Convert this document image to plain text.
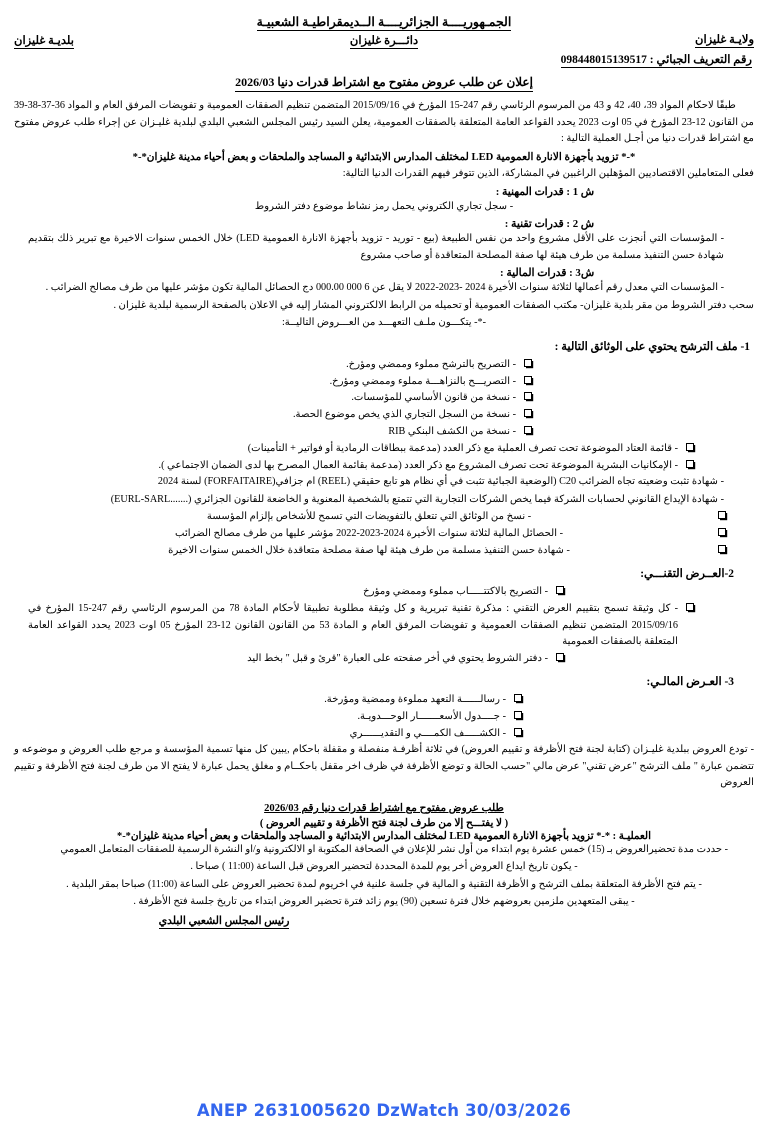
الجمـهوريــــة الجزائريــــة الــديمقراطيـة الشعبيـة
ولايـة غليزان
دائـــرة غليزان
بلديـة غليزان
رقم التعريف الجبائي : 098448015139517
إعلان عن طلب عروض مفتوح مع اشتراط قدرات دنيا 2026/03

طبقًا لاحكام المواد 39، 40، 42 و 43 من المرسوم الرئاسي رقم 247-15 المؤرخ في 2015/09/16 المتضمن تنظيم الصفقات العمومية و تفويضات المرفق العام و المواد 36-37-38-39 من القانون 12-23 المؤرخ في 05 اوت 2023 يحدد القواعد العامة المتعلقة بالصفقات العمومية، يعلن السيد رئيس المجلس الشعبي البلدي لبلدية غليـزان عن إجراء طلب عروض مفتوح مع اشتراط قدرات دنيا من أجـل العملية التالية :

*-* تزويد بأجهزة الانارة العمومية LED لمختلف المدارس الابتدائية و المساجد والملحقات و بعض أحياء مدينة غليزان*-*

فعلى المتعاملين الاقتصاديين المؤهلين الراغبين في المشاركة، الذين تتوفر فيهم القدرات الدنيا التالية:

ش 1 : قدرات المهنية :

- سجل تجاري الكتروني يحمل رمز نشاط موضوع دفتر الشروط

ش 2 : قدرات تقنية :

- المؤسسات التي أنجزت على الأقل مشروع واحد من نفس الطبيعة (بيع - توريد - تزويد بأجهزة الانارة العمومية LED) خلال الخمس سنوات الاخيرة مع تبرير ذلك بتقديم شهادة حسن التنفيذ مسلمة من طرف هيئة لها صفة المصلحة المتعاقدة أو صاحب مشروع

ش3 : قدرات المالية :

- المؤسسات التي معدل رقم أعمالها لثلاثة سنوات الأخيرة 2024 -2023-2022 لا يقل عن 6 000 000.00 دج الحصائل المالية تكون مؤشر عليها من طرف مصالح الضرائب .

سحب دفتر الشروط من مقر بلدية غليزان- مكتب الصفقات العمومية أو تحميله من الرابط الالكتروني المشار إليه في الاعلان بالصفحة الرسمية لبلدية غليزان .

-*- يتكـــون ملـف التعهـــد من العـــروض التاليــة:

1- ملف الترشح يحتوي على الوثائق التالية :
- التصريح بالترشح مملوء وممضي ومؤرخ.
- التصريـــح بالنزاهـــة مملوء وممضي ومؤرخ.
- نسخة من قانون الأساسي للمؤسسات.
- نسخة من السجل التجاري الذي يخص موضوع الحصة.
- نسخة من الكشف البنكي RIB
- قائمة العتاد الموضوعة تحت تصرف العملية مع ذكر العدد (مدعمة ببطاقات الرمادية أو فواتير + التأمينات)
- الإمكانيات البشرية الموضوعة تحت تصرف المشروع مع ذكر العدد (مدعمة بقائمة العمال المصرح بها لدى الضمان الاجتماعي ).

- شهادة تثبت وضعيته تجاه الضرائب C20 (الوضعية الجبائية تثبت في أي نظام هو تابع حقيقي (REEL) ام جزافي(FORFAITAIRE) لسنة 2024

- شهادة الإيداع القانوني لحسابات الشركة فيما يخص الشركات التجارية التي تتمتع بالشخصية المعنوية و الخاضعة للقانون الجزائري (.......EURL-SARL)

- نسخ من الوثائق التي تتعلق بالتفويضات التي تسمح للأشخاص بإلزام المؤسسة
- الحصائل المالية لثلاثة سنوات الأخيرة 2024-2023-2022 مؤشر عليها من طرف مصالح الضرائب
- شهادة حسن التنفيذ مسلمة من طرف هيئة لها صفة مصلحة متعاقدة خلال الخمس سنوات الاخيرة
2-العــرض التقنـــي:
- التصريح بالاكتتـــــاب مملوء وممضي ومؤرخ
- كل وثيقة تسمح بتقييم العرض التقني : مذكرة تقنية تبريرية و كل وثيقة مطلوبة تطبيقا لأحكام المادة 78 من المرسوم الرئاسي رقم 247-15 المؤرخ في 2015/09/16 المتضمن تنظيم الصفقات العمومية و تفويضات المرفق العام و المادة 53 من القانون القانون 12-23 المؤرخ 05 اوت 2023 يحدد القواعد العامة المتعلقة بالصفقات العمومية
- دفتر الشروط يحتوي في أخر صفحته على العبارة "قرئ و قبل " بخط اليد
3- العـرض المالـي:
- رسالــــــة التعهد مملوءة وممضية ومؤرخة.
- جــــدول الأسعـــــــار الوحـــدويـة.
- الكشـــــف الكمــــي و التقديــــــري

- تودع العروض ببلدية غليـزان (كتابة لجنة فتح الأظرفة و تقييم العروض) في ثلاثة أظرفـة منفصلة و مقفلة باحكام ,يبين كل منها تسمية المؤسسة و مرجع طلب العروض و موضوعه و تتضمن عبارة " ملف الترشح "عرض تقني" عرض مالي "حسب الحالة و توضع الأظرفة في ظرف اخر مقفل باحكــام و مغلق يحمل عبارة لا يفتح الا من طرف لجنة فتح الأظرفة و تقييم العروض

طلب عروض مفتوح مع اشتراط قدرات دنيا رقم 2026/03
( لا يفتـــح إلا من طرف لجنة فتح الأظرفة و تقييم العروض )
العمليـة : *-* تزويد بأجهزة الانارة العمومية LED لمختلف المدارس الابتدائية و المساجد والملحقات و بعض أحياء مدينة غليزان*-*

- حددت مدة تحضيرالعروض بـ (15) خمس عشرة يوم ابتداء من أول نشر للإعلان في الصحافة المكتوبة او الالكترونية و/او النشرة الرسمية للصفقات المتعامل العمومي

- يكون تاريخ ايداع العروض أخر يوم للمدة المحددة لتحضير العروض قبل الساعة (11:00 ) صباحا .

- يتم فتح الأظرفة المتعلقة بملف الترشح و الأظرفة التقنية و المالية في جلسة علنية في اخريوم لمدة تحضير العروض على الساعة (11:00) صباحا بمقر البلدية .

- يبقى المتعهدين ملزمين بعروضهم خلال فترة تسعين (90) يوم زائد فترة تحضير العروض ابتداء من تاريخ جلسة فتح الأظرفة .

رئيس المجلس الشعبي البلدي
ANEP 2631005620 DzWatch 30/03/2026
